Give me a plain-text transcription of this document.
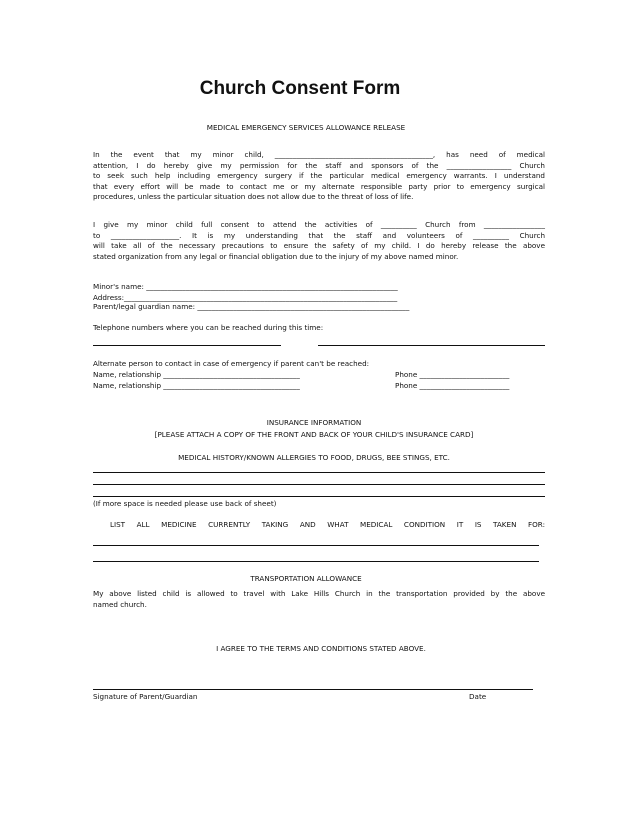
Church Consent Form
MEDICAL EMERGENCY SERVICES ALLOWANCE RELEASE
In the event that my minor child, ____________________________________________, has need of medical
attention, I do hereby give my permission for the staff and sponsors of the __________________ Church
to seek such help including emergency surgery if the particular medical emergency warrants. I understand
that every effort will be made to contact me or my alternate responsible party prior to emergency surgical
procedures, unless the particular situation does not allow due to the threat of loss of life.
I give my minor child full consent to attend the activities of __________ Church from _________________
to ___________________. It is my understanding that the staff and volunteers of __________ Church
will take all of the necessary precautions to ensure the safety of my child. I do hereby release the above
stated organization from any legal or financial obligation due to the injury of my above named minor.
Minor's name: ______________________________________________________________________
Address:____________________________________________________________________________
Parent/legal guardian name: ___________________________________________________________
Telephone numbers where you can be reached during this time:
Alternate person to contact in case of emergency if parent can't be reached:
Name, relationship ______________________________________	Phone _________________________
Name, relationship ______________________________________	Phone _________________________
INSURANCE INFORMATION
[PLEASE ATTACH A COPY OF THE FRONT AND BACK OF YOUR CHILD'S INSURANCE CARD]
MEDICAL HISTORY/KNOWN ALLERGIES TO FOOD, DRUGS, BEE STINGS, ETC.
(If more space is needed please use back of sheet)
LIST ALL MEDICINE CURRENTLY TAKING AND WHAT MEDICAL CONDITION IT IS TAKEN FOR:
TRANSPORTATION ALLOWANCE
My above listed child is allowed to travel with Lake Hills Church in the transportation provided by the above
named church.
I AGREE TO THE TERMS AND CONDITIONS STATED ABOVE.
Signature of Parent/Guardian	Date
